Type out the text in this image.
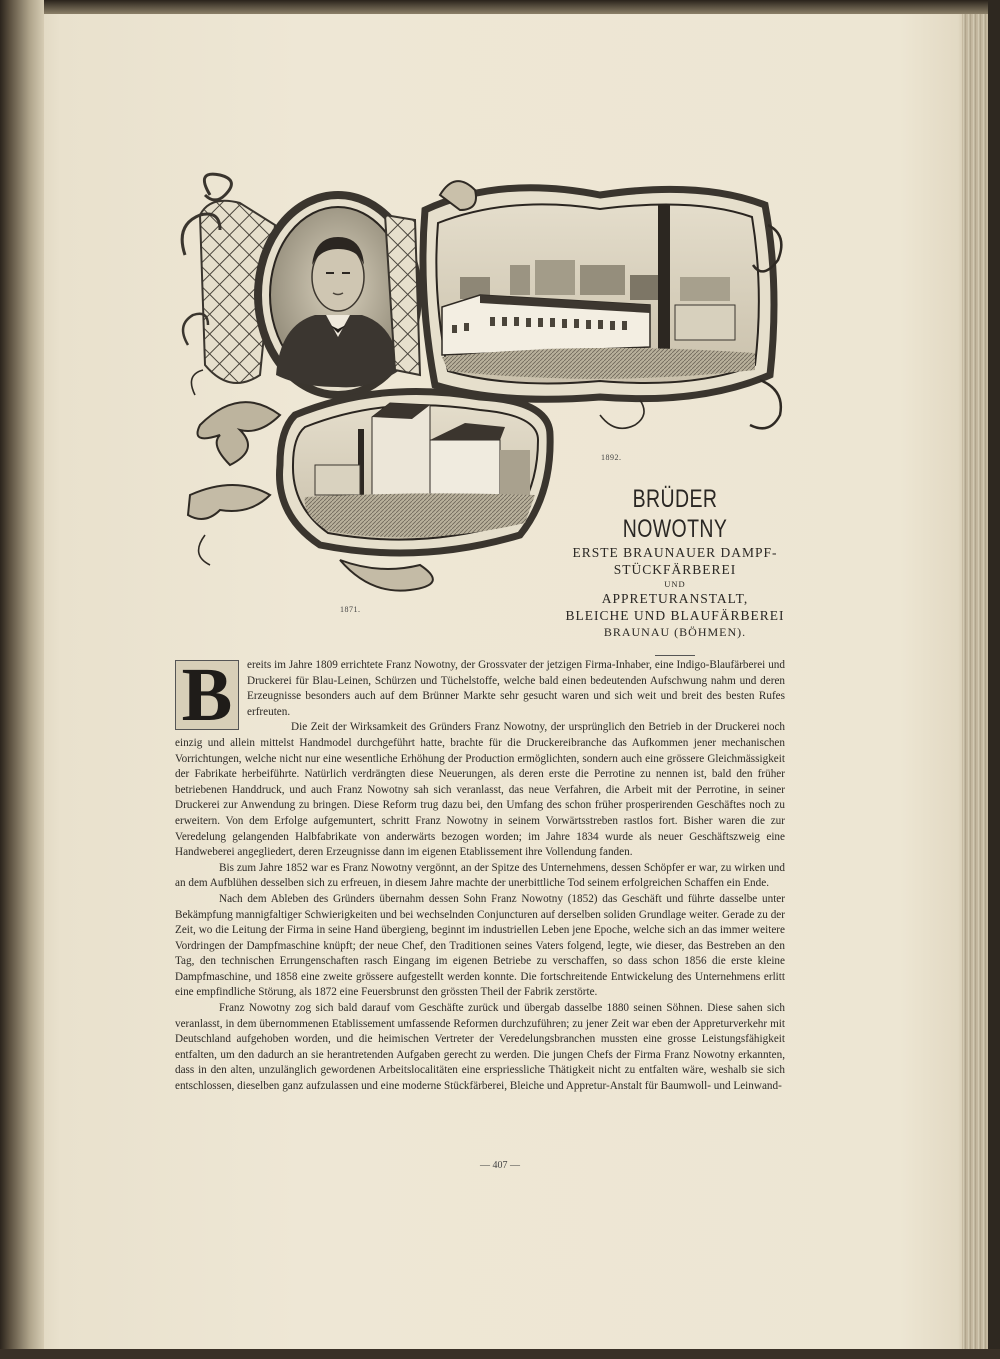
1892.
1871.
BRÜDER NOWOTNY
ERSTE BRAUNAUER DAMPF-
STÜCKFÄRBEREI
UND
APPRETURANSTALT,
BLEICHE UND BLAUFÄRBEREI
BRAUNAU (BÖHMEN).
B	ereits im Jahre 1809 errichtete Franz Nowotny, der Grossvater der jetzigen Firma-Inhaber, eine Indigo-Blaufärberei und Druckerei für Blau-Leinen, Schürzen und Tüchelstoffe, welche bald einen bedeutenden Aufschwung nahm und deren Erzeugnisse besonders auch auf dem Brünner Markte sehr gesucht waren und sich weit und breit des besten Rufes erfreuten.

Die Zeit der Wirksamkeit des Gründers Franz Nowotny, der ursprünglich den Betrieb in der Druckerei noch einzig und allein mittelst Handmodel durchgeführt hatte, brachte für die Druckereibranche das Aufkommen jener mechanischen Vorrichtungen, welche nicht nur eine wesentliche Erhöhung der Production ermöglichten, sondern auch eine grössere Gleichmässigkeit der Fabrikate herbeiführte. Natürlich verdrängten diese Neuerungen, als deren erste die Perrotine zu nennen ist, bald den früher betriebenen Handdruck, und auch Franz Nowotny sah sich veranlasst, das neue Verfahren, die Arbeit mit der Perrotine, in seiner Druckerei zur Anwendung zu bringen. Diese Reform trug dazu bei, den Umfang des schon früher prosperirenden Geschäftes noch zu erweitern. Von dem Erfolge aufgemuntert, schritt Franz Nowotny in seinem Vorwärtsstreben rastlos fort. Bisher waren die zur Veredelung gelangenden Halbfabrikate von anderwärts bezogen worden; im Jahre 1834 wurde als neuer Geschäftszweig eine Handweberei angegliedert, deren Erzeugnisse dann im eigenen Etablissement ihre Vollendung fanden.

Bis zum Jahre 1852 war es Franz Nowotny vergönnt, an der Spitze des Unternehmens, dessen Schöpfer er war, zu wirken und an dem Aufblühen desselben sich zu erfreuen, in diesem Jahre machte der unerbittliche Tod seinem erfolgreichen Schaffen ein Ende.

Nach dem Ableben des Gründers übernahm dessen Sohn Franz Nowotny (1852) das Geschäft und führte dasselbe unter Bekämpfung mannigfaltiger Schwierigkeiten und bei wechselnden Conjuncturen auf derselben soliden Grundlage weiter. Gerade zu der Zeit, wo die Leitung der Firma in seine Hand übergieng, beginnt im industriellen Leben jene Epoche, welche sich an das immer weitere Vordringen der Dampfmaschine knüpft; der neue Chef, den Traditionen seines Vaters folgend, legte, wie dieser, das Bestreben an den Tag, den technischen Errungenschaften rasch Eingang im eigenen Betriebe zu verschaffen, so dass schon 1856 die erste kleine Dampfmaschine, und 1858 eine zweite grössere aufgestellt werden konnte. Die fortschreitende Entwickelung des Unternehmens erlitt eine empfindliche Störung, als 1872 eine Feuersbrunst den grössten Theil der Fabrik zerstörte.

Franz Nowotny zog sich bald darauf vom Geschäfte zurück und übergab dasselbe 1880 seinen Söhnen. Diese sahen sich veranlasst, in dem übernommenen Etablissement umfassende Reformen durchzuführen; zu jener Zeit war eben der Appreturverkehr mit Deutschland aufgehoben worden, und die heimischen Vertreter der Veredelungsbranchen mussten eine grosse Leistungsfähigkeit entfalten, um den dadurch an sie herantretenden Aufgaben gerecht zu werden. Die jungen Chefs der Firma Franz Nowotny erkannten, dass in den alten, unzulänglich gewordenen Arbeitslocalitäten eine erspriessliche Thätigkeit nicht zu entfalten wäre, weshalb sie sich entschlossen, dieselben ganz aufzulassen und eine moderne Stückfärberei, Bleiche und Appretur-Anstalt für Baumwoll- und Leinwand-

— 407 —
